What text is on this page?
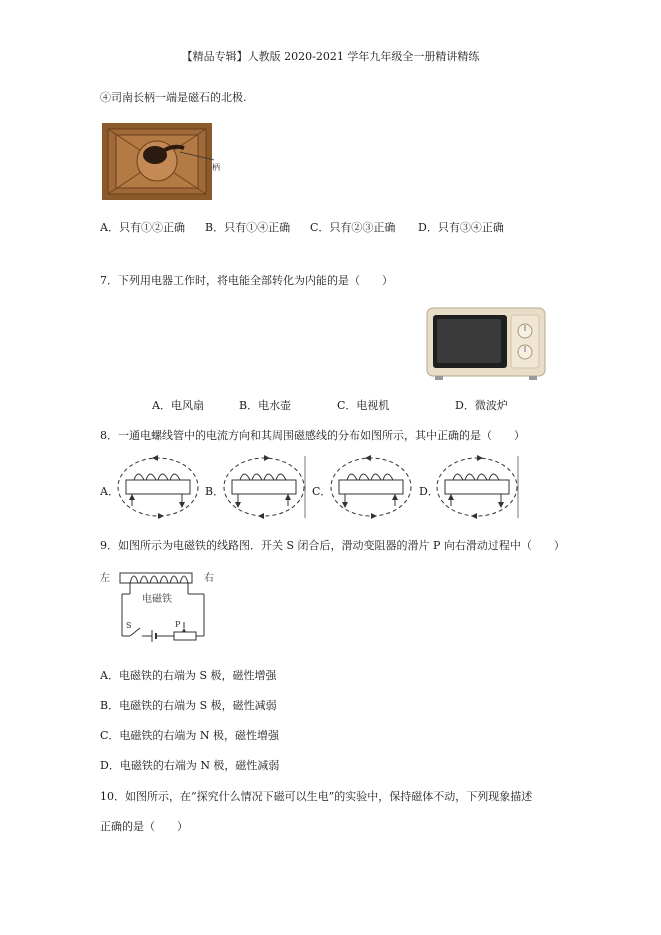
【精品专辑】人教版 2020-2021 学年九年级全一册精讲精练
④司南长柄一端是磁石的北极.
柄
A．只有①②正确 B．只有①④正确 C．只有②③正确 D．只有③④正确
7．下列用电器工作时，将电能全部转化为内能的是（　　）
A．电风扇	B．电水壶	C．电视机	D．微波炉
8．一通电螺线管中的电流方向和其周围磁感线的分布如图所示，其中正确的是（　　）
A．	B．	C．	D．
9．如图所示为电磁铁的线路图．开关 S 闭合后，滑动变阻器的滑片 P 向右滑动过程中（　　）
左	右
电磁铁
S	P
A．电磁铁的右端为 S 极，磁性增强
B．电磁铁的右端为 S 极，磁性减弱
C．电磁铁的右端为 N 极，磁性增强
D．电磁铁的右端为 N 极，磁性减弱
10．如图所示，在“探究什么情况下磁可以生电”的实验中，保持磁体不动，下列现象描述
正确的是（　　）
